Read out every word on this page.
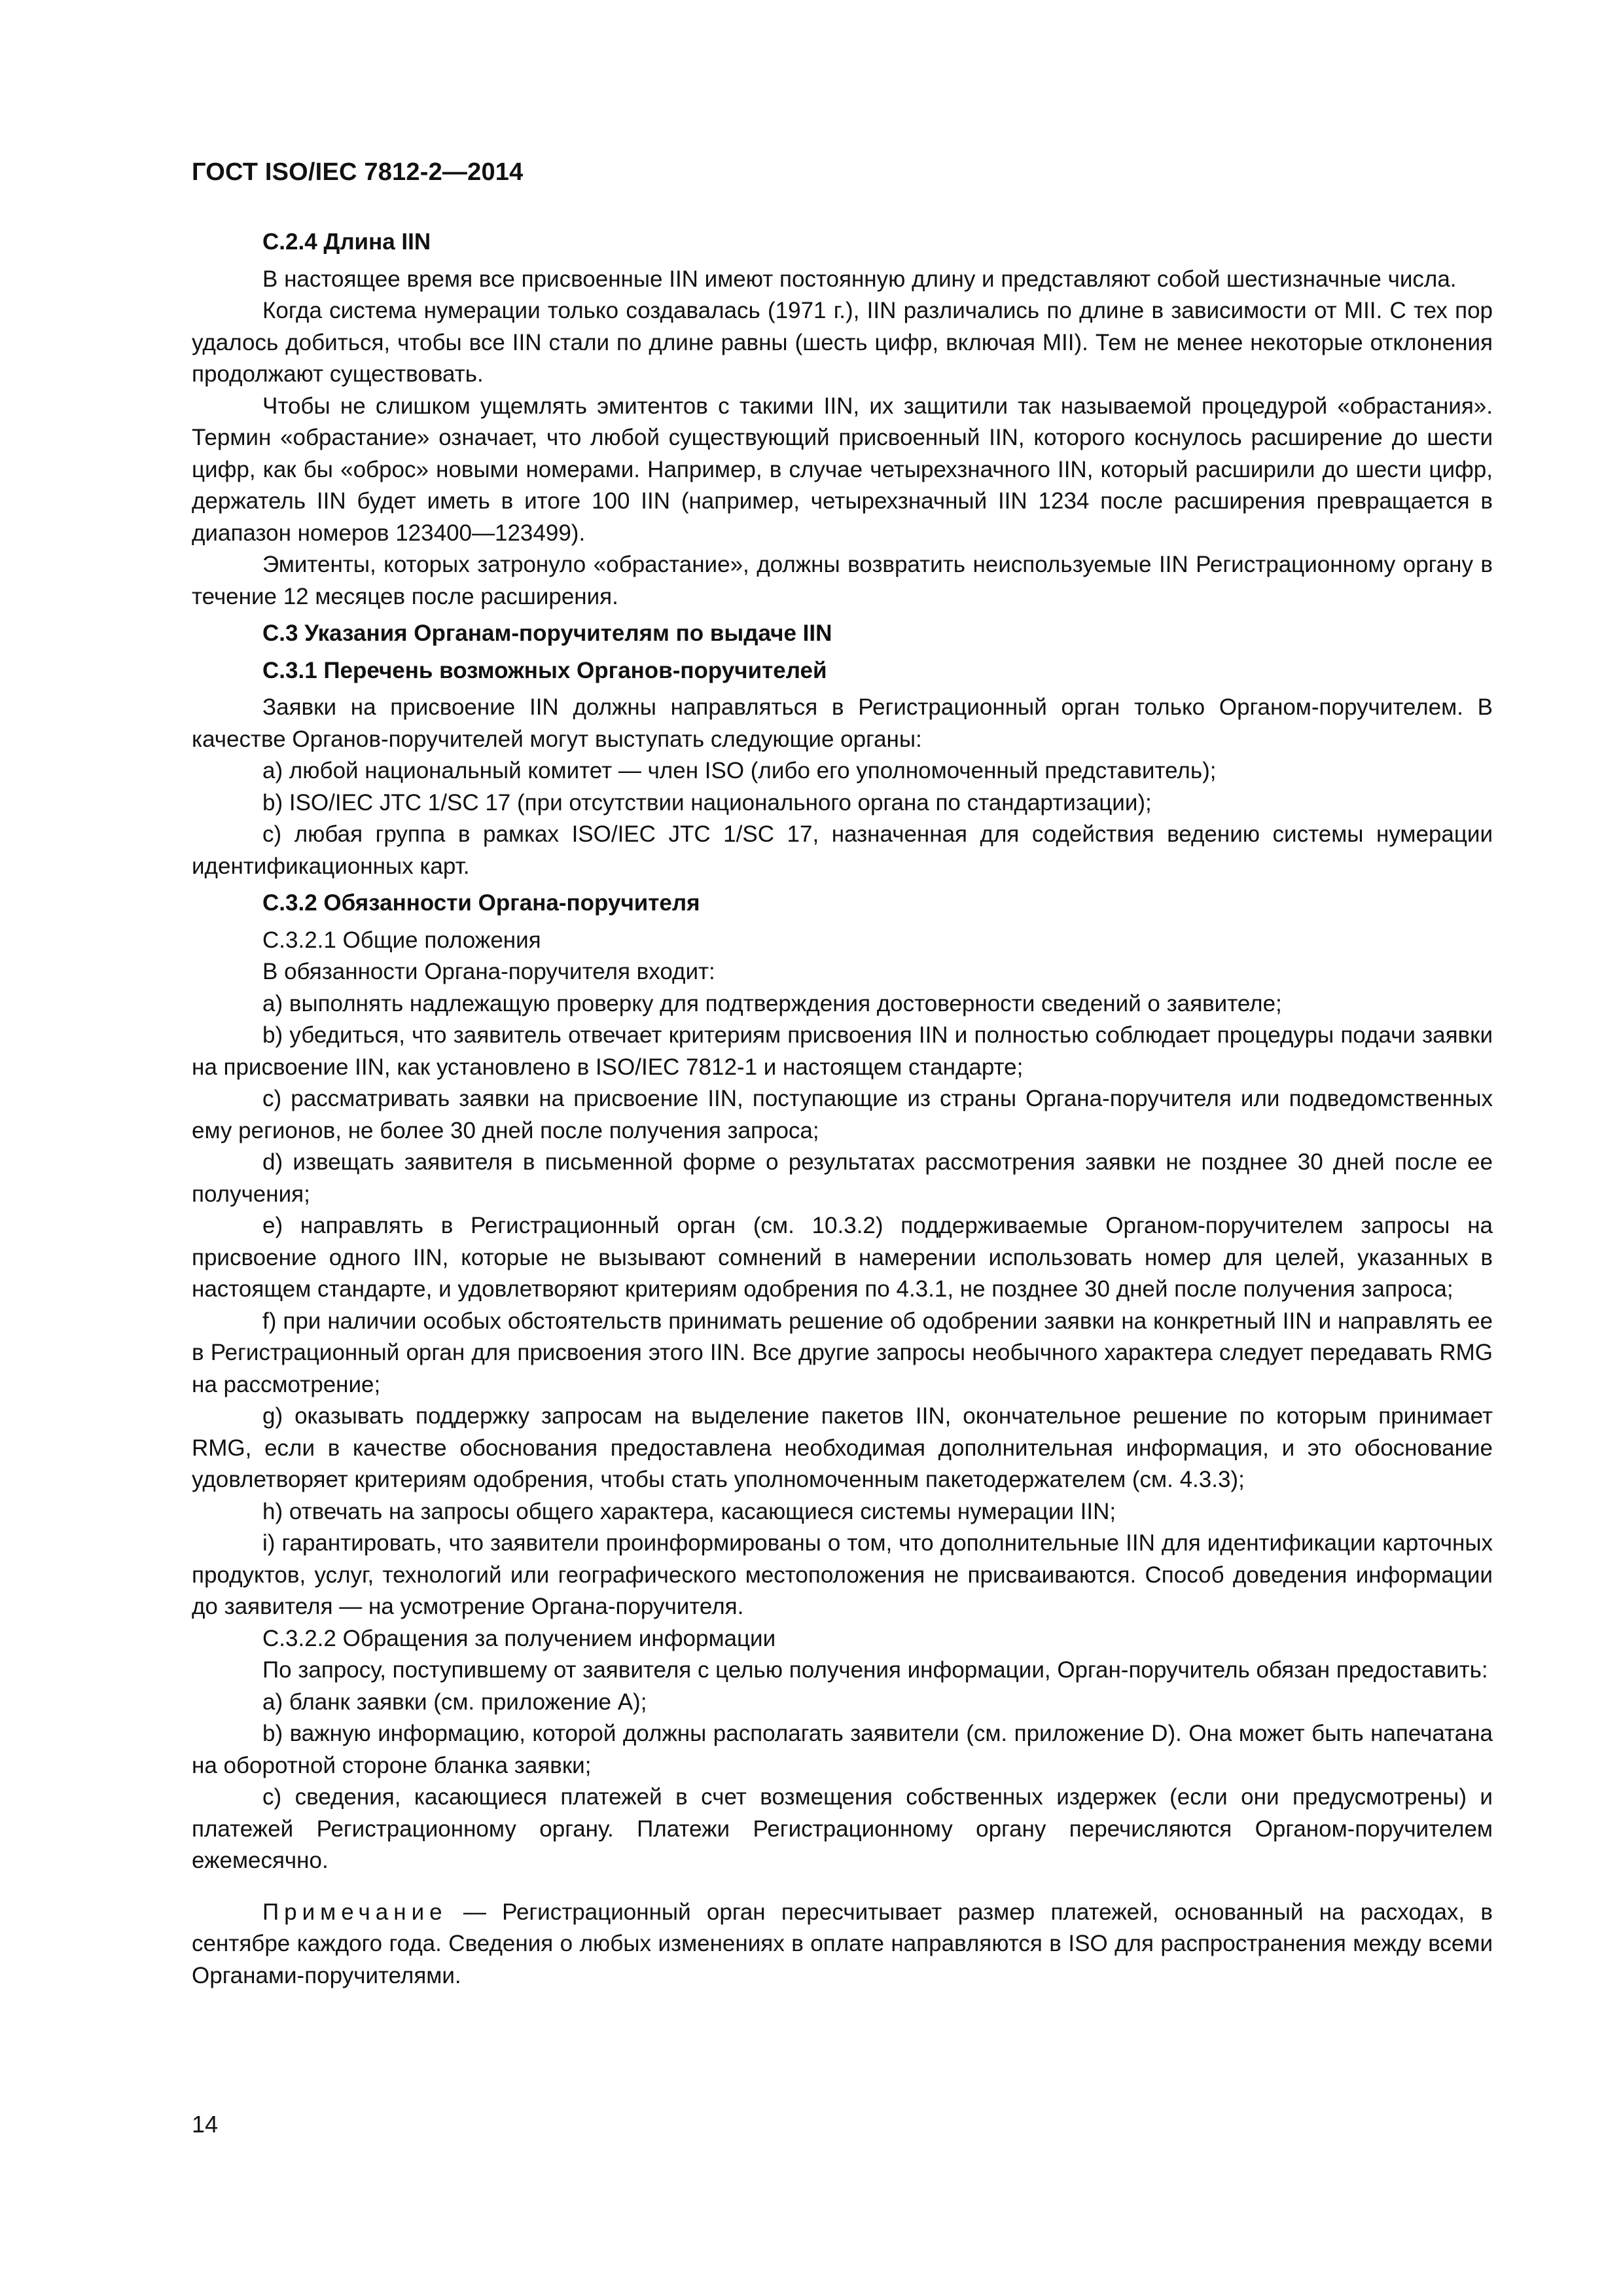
ГОСТ ISO/IEC 7812-2—2014

С.2.4 Длина IIN

В настоящее время все присвоенные IIN имеют постоянную длину и представляют собой шестизначные числа.

Когда система нумерации только создавалась (1971 г.), IIN различались по длине в зависимости от MII. С тех пор удалось добиться, чтобы все IIN стали по длине равны (шесть цифр, включая MII). Тем не менее некоторые отклонения продолжают существовать.

Чтобы не слишком ущемлять эмитентов с такими IIN, их защитили так называемой процедурой «обрастания». Термин «обрастание» означает, что любой существующий присвоенный IIN, которого коснулось расширение до шести цифр, как бы «оброс» новыми номерами. Например, в случае четырехзначного IIN, который расширили до шести цифр, держатель IIN будет иметь в итоге 100 IIN (например, четырехзначный IIN 1234 после расширения превращается в диапазон номеров 123400—123499).

Эмитенты, которых затронуло «обрастание», должны возвратить неиспользуемые IIN Регистрационному органу в течение 12 месяцев после расширения.

С.3 Указания Органам-поручителям по выдаче IIN

С.3.1 Перечень возможных Органов-поручителей

Заявки на присвоение IIN должны направляться в Регистрационный орган только Органом-поручителем. В качестве Органов-поручителей могут выступать следующие органы:

a) любой национальный комитет — член ISO (либо его уполномоченный представитель);

b) ISO/IEC JTC 1/SC 17 (при отсутствии национального органа по стандартизации);

c) любая группа в рамках ISO/IEC JTC 1/SC 17, назначенная для содействия ведению системы нумерации идентификационных карт.

С.3.2 Обязанности Органа-поручителя

С.3.2.1 Общие положения

В обязанности Органа-поручителя входит:

a) выполнять надлежащую проверку для подтверждения достоверности сведений о заявителе;

b) убедиться, что заявитель отвечает критериям присвоения IIN и полностью соблюдает процедуры подачи заявки на присвоение IIN, как установлено в ISO/IEC 7812-1 и настоящем стандарте;

c) рассматривать заявки на присвоение IIN, поступающие из страны Органа-поручителя или подведомственных ему регионов, не более 30 дней после получения запроса;

d) извещать заявителя в письменной форме о результатах рассмотрения заявки не позднее 30 дней после ее получения;

e) направлять в Регистрационный орган (см. 10.3.2) поддерживаемые Органом-поручителем запросы на присвоение одного IIN, которые не вызывают сомнений в намерении использовать номер для целей, указанных в настоящем стандарте, и удовлетворяют критериям одобрения по 4.3.1, не позднее 30 дней после получения запроса;

f) при наличии особых обстоятельств принимать решение об одобрении заявки на конкретный IIN и направлять ее в Регистрационный орган для присвоения этого IIN. Все другие запросы необычного характера следует передавать RMG на рассмотрение;

g) оказывать поддержку запросам на выделение пакетов IIN, окончательное решение по которым принимает RMG, если в качестве обоснования предоставлена необходимая дополнительная информация, и это обоснование удовлетворяет критериям одобрения, чтобы стать уполномоченным пакетодержателем (см. 4.3.3);

h) отвечать на запросы общего характера, касающиеся системы нумерации IIN;

i) гарантировать, что заявители проинформированы о том, что дополнительные IIN для идентификации карточных продуктов, услуг, технологий или географического местоположения не присваиваются. Способ доведения информации до заявителя — на усмотрение Органа-поручителя.

С.3.2.2 Обращения за получением информации

По запросу, поступившему от заявителя с целью получения информации, Орган-поручитель обязан предоставить:

a) бланк заявки (см. приложение A);

b) важную информацию, которой должны располагать заявители (см. приложение D). Она может быть напечатана на оборотной стороне бланка заявки;

c) сведения, касающиеся платежей в счет возмещения собственных издержек (если они предусмотрены) и платежей Регистрационному органу. Платежи Регистрационному органу перечисляются Органом-поручителем ежемесячно.

Примечание — Регистрационный орган пересчитывает размер платежей, основанный на расходах, в сентябре каждого года. Сведения о любых изменениях в оплате направляются в ISO для распространения между всеми Органами-поручителями.

14
